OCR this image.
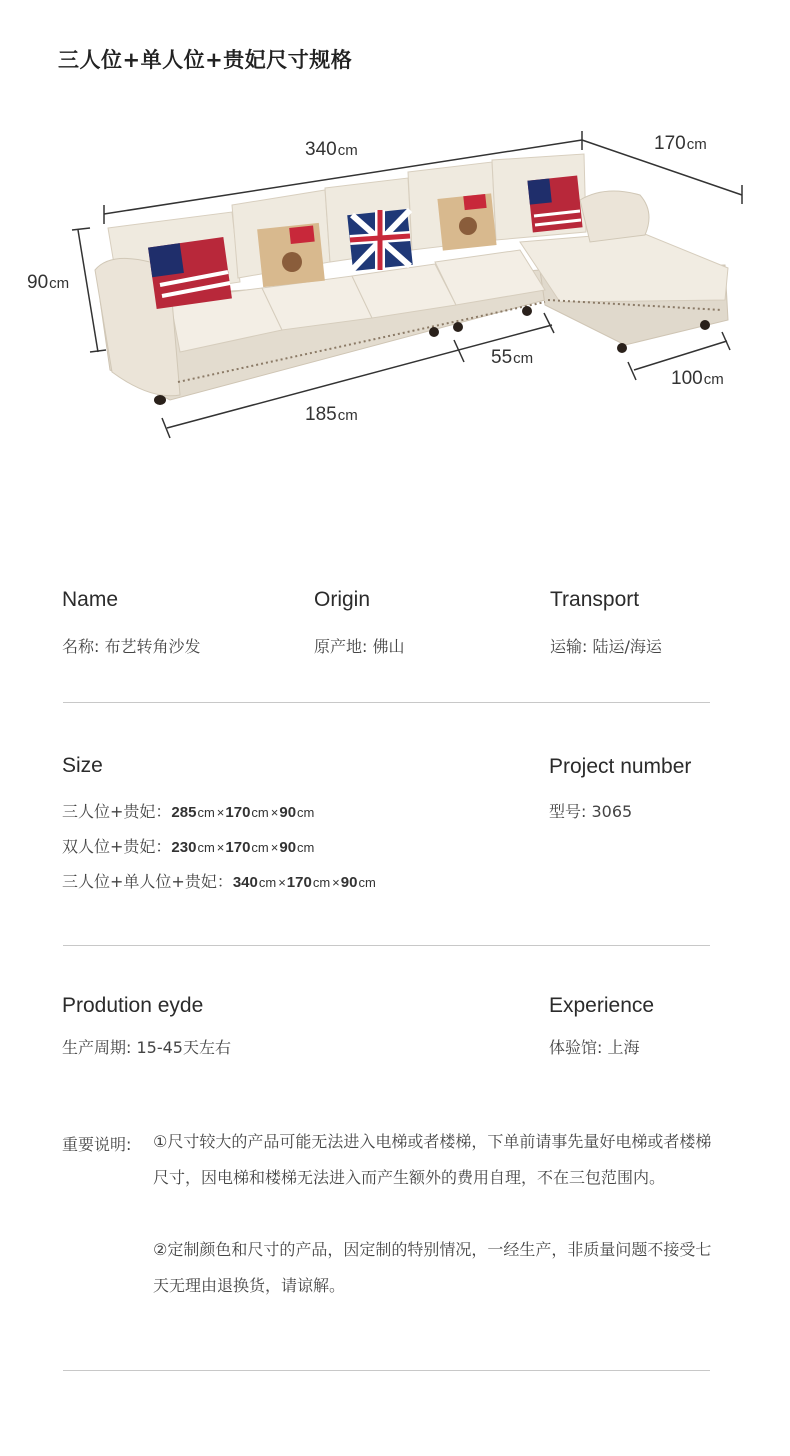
三人位+单人位+贵妃尺寸规格
340cm	170cm
90cm
55cm
185cm
100cm
Name
名称: 布艺转角沙发
Origin
原产地: 佛山
Transport
运输: 陆运/海运
Size
三人位+贵妃：285cm ×170cm ×90cm
双人位+贵妃：230cm ×170cm ×90cm
三人位+单人位+贵妃：340cm ×170cm ×90cm
Project number
型号: 3065
Prodution eyde
生产周期: 15-45天左右
Experience
体验馆: 上海
重要说明: ①尺寸较大的产品可能无法进入电梯或者楼梯，下单前请事先量好电梯或者楼梯尺寸，因电梯和楼梯无法进入而产生额外的费用自理，不在三包范围内。
②定制颜色和尺寸的产品，因定制的特别情况，一经生产，非质量问题不接受七天无理由退换货，请谅解。
